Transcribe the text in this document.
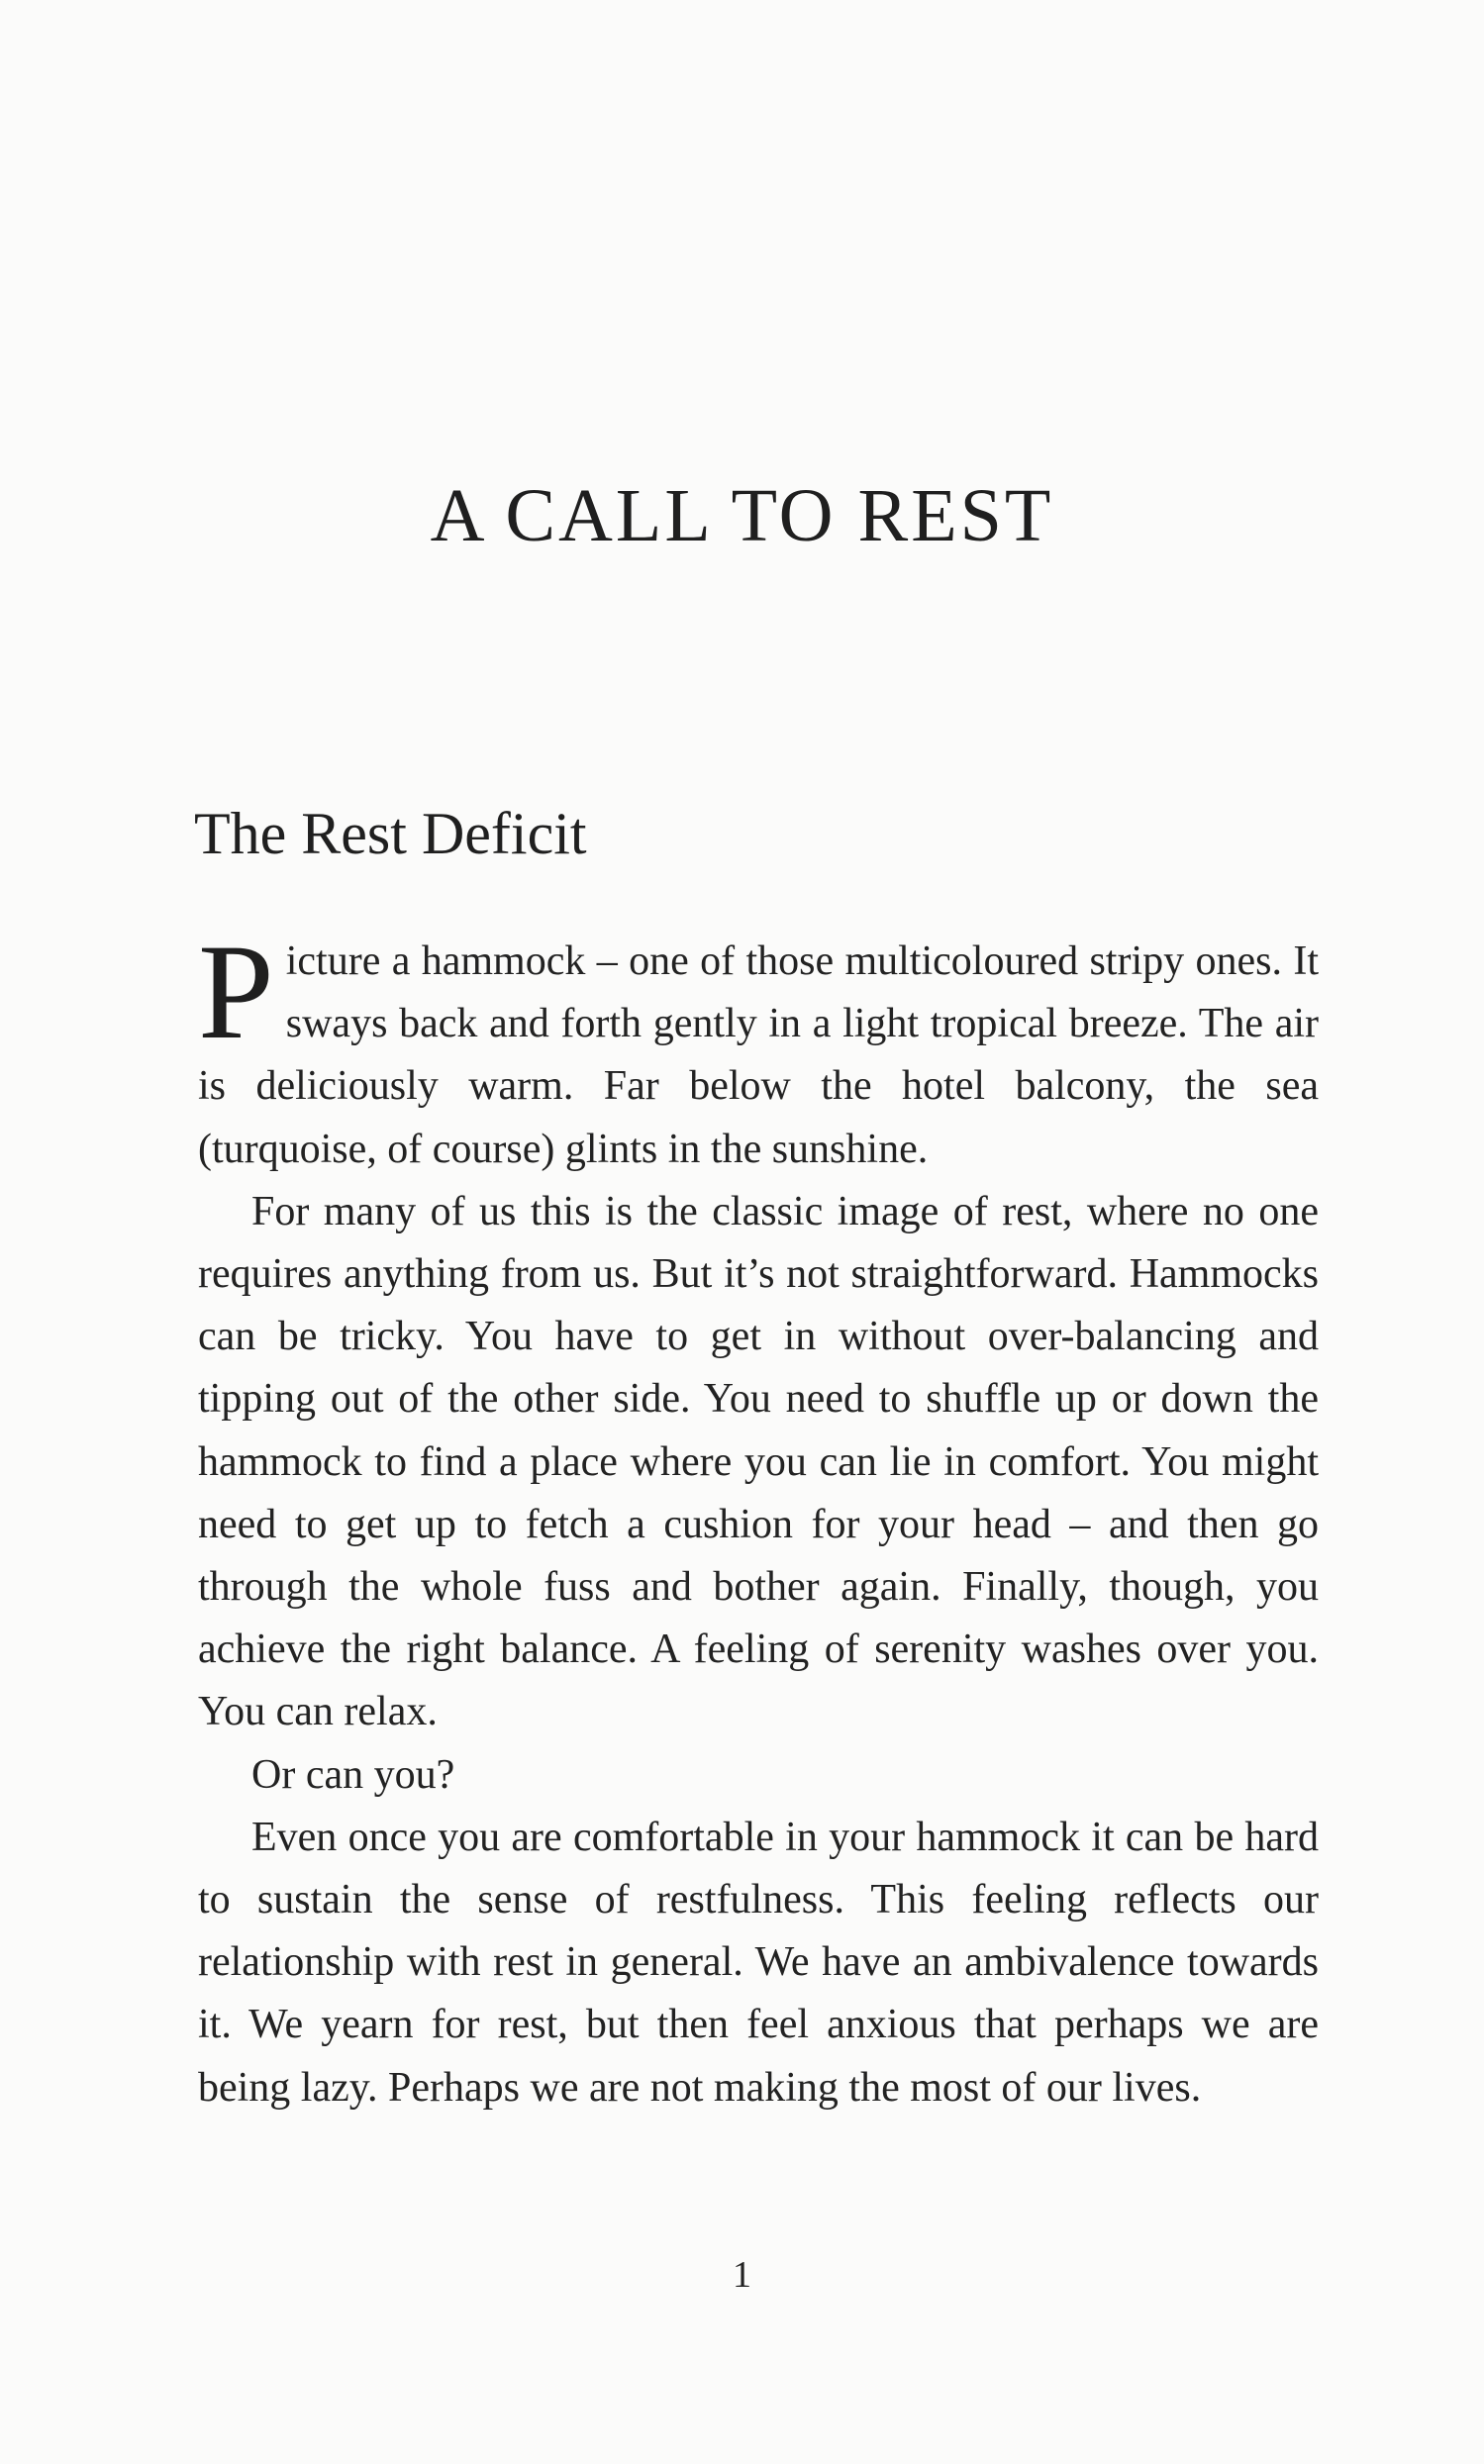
A CALL TO REST
The Rest Deficit

Picture a hammock – one of those multicoloured stripy ones. It sways back and forth gently in a light tropical breeze. The air is deliciously warm. Far below the hotel balcony, the sea (turquoise, of course) glints in the sunshine.

For many of us this is the classic image of rest, where no one requires anything from us. But it’s not straightforward. Hammocks can be tricky. You have to get in without over-balancing and tipping out of the other side. You need to shuffle up or down the hammock to find a place where you can lie in comfort. You might need to get up to fetch a cushion for your head – and then go through the whole fuss and bother again. Finally, though, you achieve the right balance. A feeling of serenity washes over you. You can relax.

Or can you?

Even once you are comfortable in your hammock it can be hard to sustain the sense of restfulness. This feeling reflects our relationship with rest in general. We have an ambivalence towards it. We yearn for rest, but then feel anxious that perhaps we are being lazy. Perhaps we are not making the most of our lives.

1
